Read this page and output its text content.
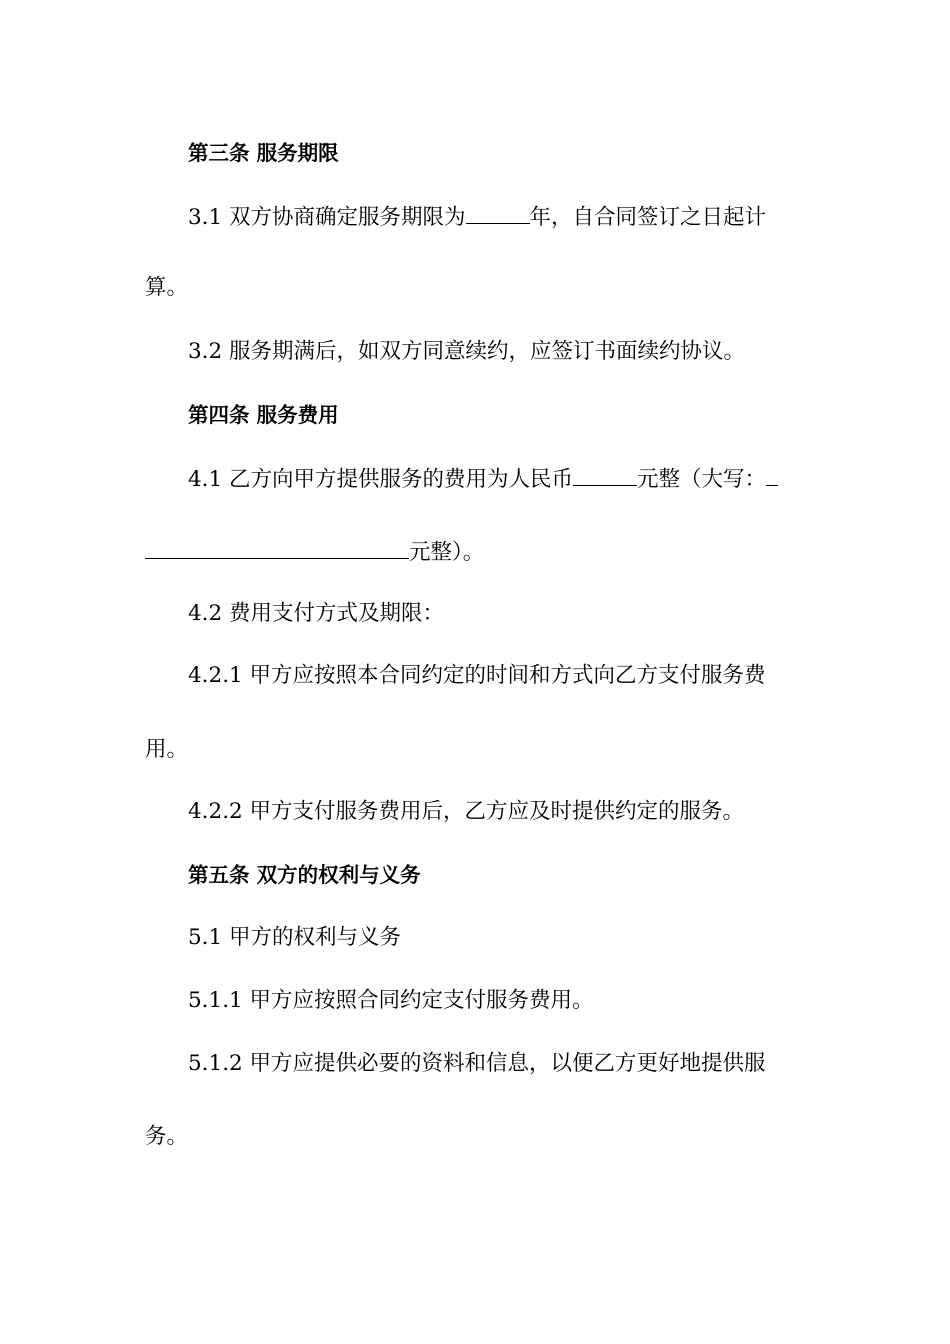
第三条 服务期限

3.1 双方协商确定服务期限为	年，自合同签订之日起计

算。

3.2 服务期满后，如双方同意续约，应签订书面续约协议。

第四条 服务费用

4.1 乙方向甲方提供服务的费用为人民币	元整（大写：

元整）。

4.2 费用支付方式及期限：

4.2.1 甲方应按照本合同约定的时间和方式向乙方支付服务费

用。

4.2.2 甲方支付服务费用后，乙方应及时提供约定的服务。

第五条 双方的权利与义务

5.1 甲方的权利与义务

5.1.1 甲方应按照合同约定支付服务费用。

5.1.2 甲方应提供必要的资料和信息，以便乙方更好地提供服

务。
